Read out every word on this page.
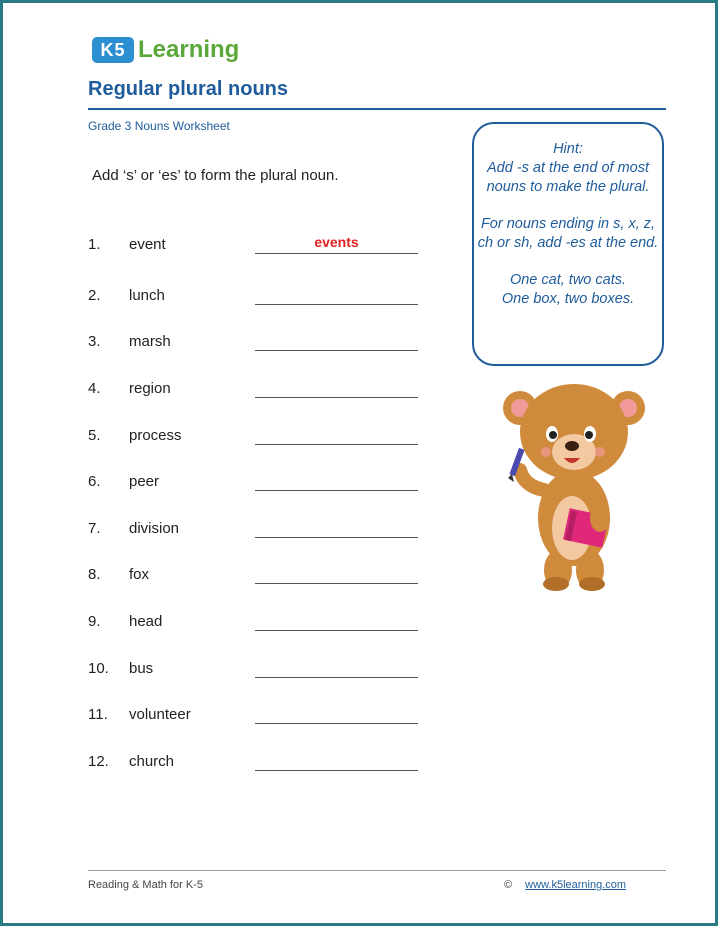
K5 Learning
Regular plural nouns
Grade 3 Nouns Worksheet
Add ‘s’ or ‘es’ to form the plural noun.
1. event	events
2. lunch
3. marsh
4. region
5. process
6. peer
7. division
8. fox
9. head
10. bus
11. volunteer
12. church

Hint:
Add -s at the end of most nouns to make the plural.

For nouns ending in s, x, z, ch or sh, add -es at the end.

One cat, two cats.
One box, two boxes.

Reading & Math for K-5	© www.k5learning.com
